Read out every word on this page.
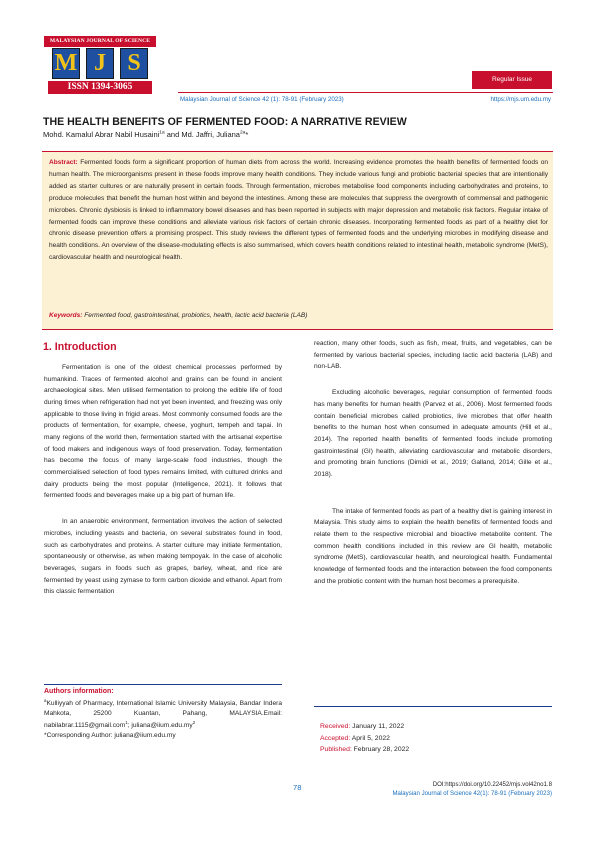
MALAYSIAN JOURNAL OF SCIENCE
M J S
ISSN 1394-3065
Regular Issue
Malaysian Journal of Science 42 (1): 78-91 (February 2023)	https://mjs.um.edu.my
THE HEALTH BENEFITS OF FERMENTED FOOD: A NARRATIVE REVIEW
Mohd. Kamalul Abrar Nabil Husaini$^{1a}$ and Md. Jaffri, Juliana$^{2a}$*
Abstract: Fermented foods form a significant proportion of human diets from across the world. Increasing evidence promotes the health benefits of fermented foods on human health. The microorganisms present in these foods improve many health conditions. They include various fungi and probiotic bacterial species that are intentionally added as starter cultures or are naturally present in certain foods. Through fermentation, microbes metabolise food components including carbohydrates and proteins, to produce molecules that benefit the human host within and beyond the intestines. Among these are molecules that suppress the overgrowth of commensal and pathogenic microbes. Chronic dysbiosis is linked to inflammatory bowel diseases and has been reported in subjects with major depression and metabolic risk factors. Regular intake of fermented foods can improve these conditions and alleviate various risk factors of certain chronic diseases. Incorporating fermented foods as part of a healthy diet for chronic disease prevention offers a promising prospect. This study reviews the different types of fermented foods and the underlying microbes in modifying disease and health conditions. An overview of the disease-modulating effects is also summarised, which covers health conditions related to intestinal health, metabolic syndrome (MetS), cardiovascular health and neurological health.
Keywords: Fermented food, gastrointestinal, probiotics, health, lactic acid bacteria (LAB)
1. Introduction

Fermentation is one of the oldest chemical processes performed by humankind. Traces of fermented alcohol and grains can be found in ancient archaeological sites. Men utilised fermentation to prolong the edible life of food during times when refrigeration had not yet been invented, and freezing was only applicable to those living in frigid areas. Most commonly consumed foods are the products of fermentation, for example, cheese, yoghurt, tempeh and tapai. In many regions of the world then, fermentation started with the artisanal expertise of food makers and indigenous ways of food preservation. Today, fermentation has become the focus of many large-scale food industries, though the commercialised selection of food types remains limited, with cultured drinks and dairy products being the most popular (Intelligence, 2021). It follows that fermented foods and beverages make up a big part of human life.

In an anaerobic environment, fermentation involves the action of selected microbes, including yeasts and bacteria, on several substrates found in food, such as carbohydrates and proteins. A starter culture may initiate fermentation, spontaneously or otherwise, as when making tempoyak. In the case of alcoholic beverages, sugars in foods such as grapes, barley, wheat, and rice are fermented by yeast using zymase to form carbon dioxide and ethanol. Apart from this classic fermentation

reaction, many other foods, such as fish, meat, fruits, and vegetables, can be fermented by various bacterial species, including lactic acid bacteria (LAB) and non-LAB.

Excluding alcoholic beverages, regular consumption of fermented foods has many benefits for human health (Parvez et al., 2006). Most fermented foods contain beneficial microbes called probiotics, live microbes that offer health benefits to the human host when consumed in adequate amounts (Hill et al., 2014). The reported health benefits of fermented foods include promoting gastrointestinal (GI) health, alleviating cardiovascular and metabolic disorders, and promoting brain functions (Dimidi et al., 2019; Galland, 2014; Gille et al., 2018).

The intake of fermented foods as part of a healthy diet is gaining interest in Malaysia. This study aims to explain the health benefits of fermented foods and relate them to the respective microbial and bioactive metabolite content. The common health conditions included in this review are GI health, metabolic syndrome (MetS), cardiovascular health, and neurological health. Fundamental knowledge of fermented foods and the interaction between the food components and the probiotic content with the human host becomes a prerequisite.

Authors information:
$^a$Kulliyyah of Pharmacy, International Islamic University Malaysia, Bandar Indera Mahkota, 25200 Kuantan, Pahang, MALAYSIA.Email: nabilabrar.1115@gmail.com$^1$; $juliana@iium.edu.my^2$
*Corresponding Author: juliana@iium.edu.my
Received: January 11, 2022
Accepted: April 5, 2022
Published: February 28, 2022
78	DOI:https://doi.org/10.22452/mjs.vol42no1.8
Malaysian Journal of Science 42(1): 78-91 (February 2023)
